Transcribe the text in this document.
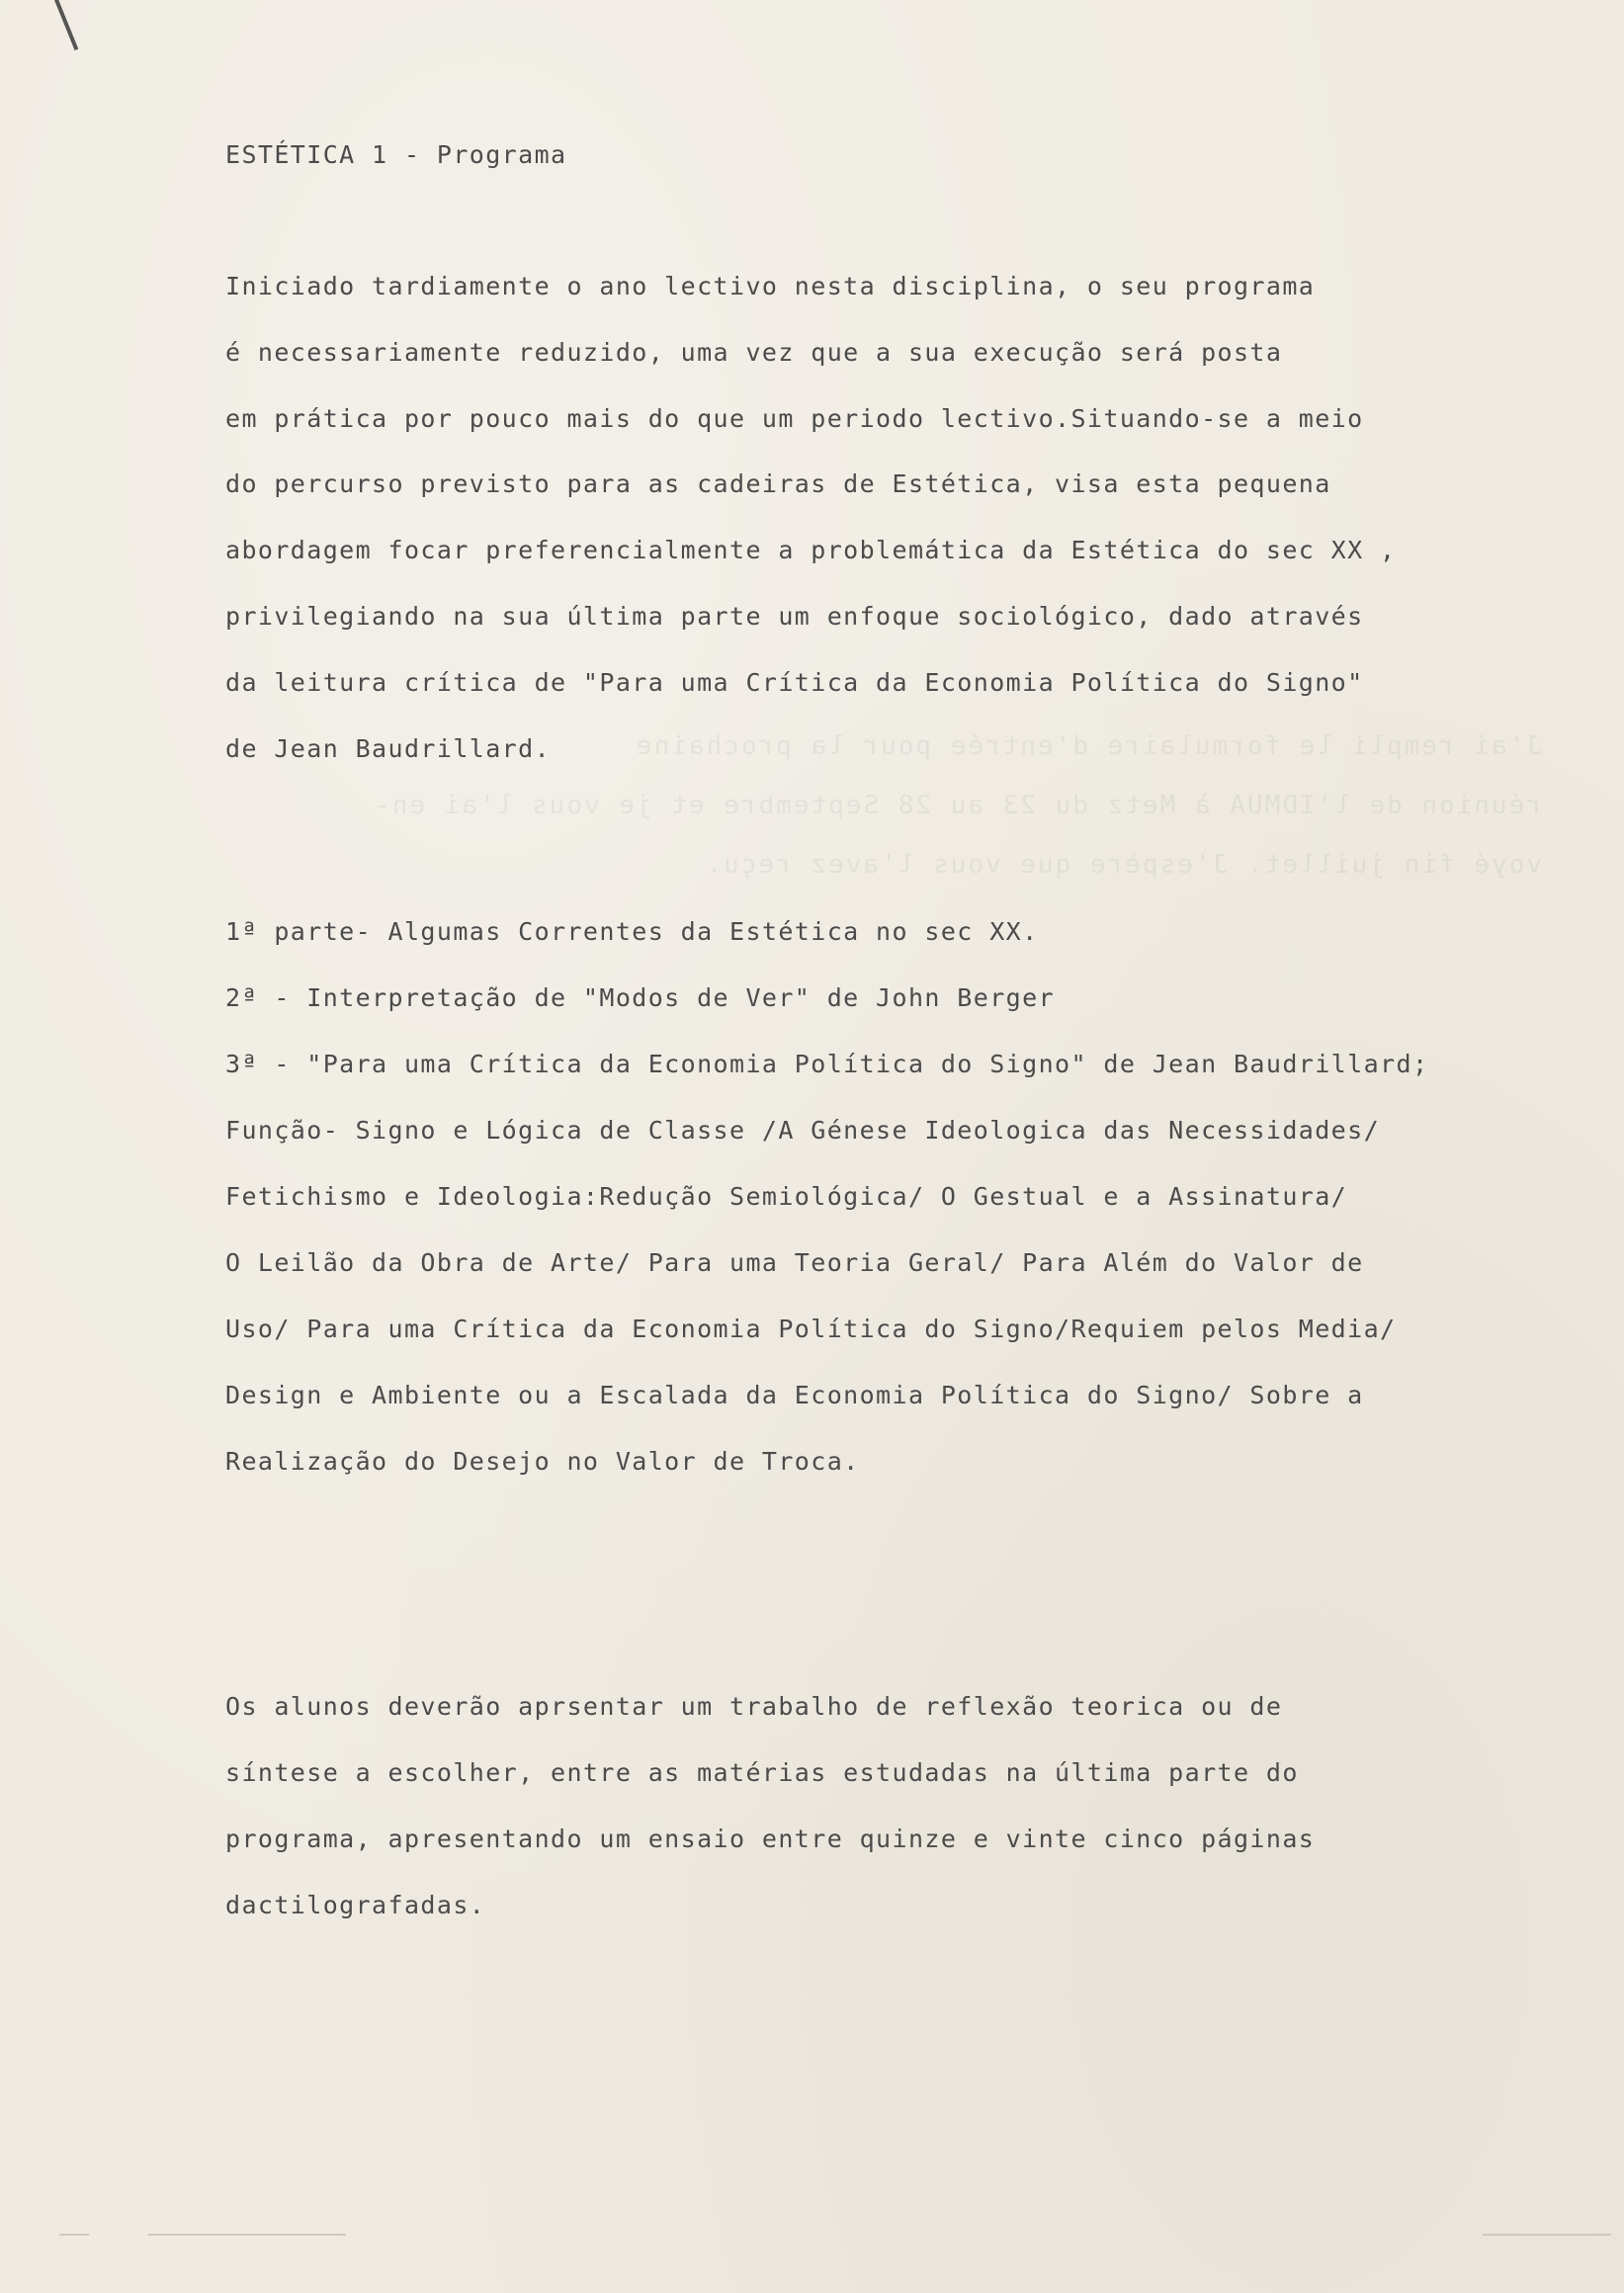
J'ai rempli le formulaire d'entrée pour la prochaine
réunion de l'IDMUA à Metz du 23 au 28 Septembre et je vous l'ai en-
voyé fin juillet. J'espère que vous l'avez reçu.
ESTÉTICA 1 - Programa
Iniciado tardiamente o ano lectivo nesta disciplina, o seu programa
é necessariamente reduzido, uma vez que a sua execução será posta
em prática por pouco mais do que um periodo lectivo.Situando-se a meio
do percurso previsto para as cadeiras de Estética, visa esta pequena
abordagem focar preferencialmente a problemática da Estética do sec XX ,
privilegiando na sua última parte um enfoque sociológico, dado através
da leitura crítica de "Para uma Crítica da Economia Política do Signo"
de Jean Baudrillard.
1ª parte- Algumas Correntes da Estética no sec XX.
2ª - Interpretação de "Modos de Ver" de John Berger
3ª - "Para uma Crítica da Economia Política do Signo" de Jean Baudrillard;
Função- Signo e Lógica de Classe /A Génese Ideologica das Necessidades/
Fetichismo e Ideologia:Redução Semiológica/ O Gestual e a Assinatura/
O Leilão da Obra de Arte/ Para uma Teoria Geral/ Para Além do Valor de
Uso/ Para uma Crítica da Economia Política do Signo/Requiem pelos Media/
Design e Ambiente ou a Escalada da Economia Política do Signo/ Sobre a
Realização do Desejo no Valor de Troca.
Os alunos deverão aprsentar um trabalho de reflexão teorica ou de
síntese a escolher, entre as matérias estudadas na última parte do
programa, apresentando um ensaio entre quinze e vinte cinco páginas
dactilografadas.
